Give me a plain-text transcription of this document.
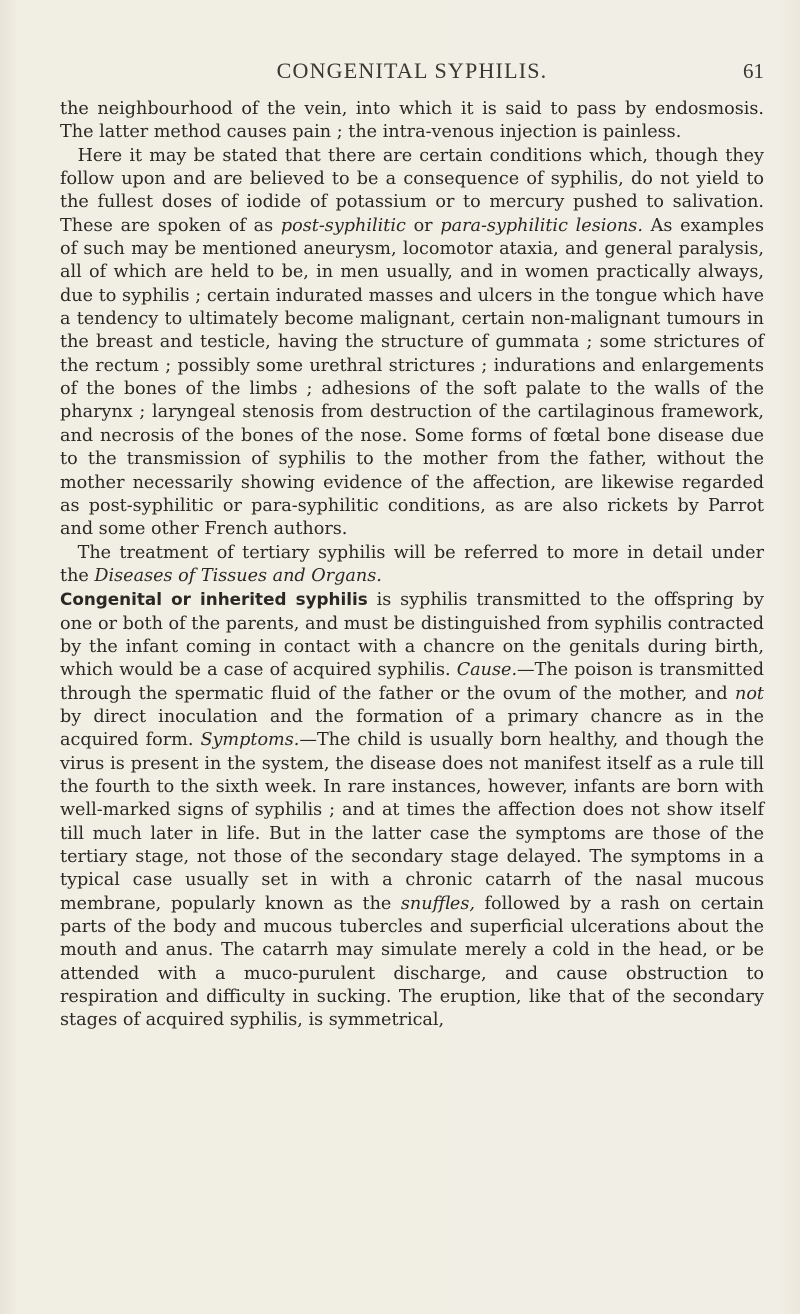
CONGENITAL SYPHILIS.	61

the neighbourhood of the vein, into which it is said to pass by endosmosis. The latter method causes pain ; the intra-venous injection is painless.

 Here it may be stated that there are certain conditions which, though they follow upon and are believed to be a consequence of syphilis, do not yield to the fullest doses of iodide of potassium or to mercury pushed to salivation. These are spoken of as post-syphilitic or para-syphilitic lesions. As examples of such may be mentioned aneurysm, locomotor ataxia, and general paralysis, all of which are held to be, in men usually, and in women practically always, due to syphilis ; certain indurated masses and ulcers in the tongue which have a tendency to ultimately become malignant, certain non-malignant tumours in the breast and testicle, having the structure of gummata ; some strictures of the rectum ; possibly some urethral strictures ; indurations and enlargements of the bones of the limbs ; adhesions of the soft palate to the walls of the pharynx ; laryngeal stenosis from destruction of the cartilaginous framework, and necrosis of the bones of the nose. Some forms of fœtal bone disease due to the transmission of syphilis to the mother from the father, without the mother necessarily showing evidence of the affection, are likewise regarded as post-syphilitic or para-syphilitic conditions, as are also rickets by Parrot and some other French authors.

 The treatment of tertiary syphilis will be referred to more in detail under the Diseases of Tissues and Organs.

Congenital or inherited syphilis is syphilis transmitted to the offspring by one or both of the parents, and must be distinguished from syphilis contracted by the infant coming in contact with a chancre on the genitals during birth, which would be a case of acquired syphilis. Cause.—The poison is transmitted through the spermatic fluid of the father or the ovum of the mother, and not by direct inoculation and the formation of a primary chancre as in the acquired form. Symptoms.—The child is usually born healthy, and though the virus is present in the system, the disease does not manifest itself as a rule till the fourth to the sixth week. In rare instances, however, infants are born with well-marked signs of syphilis ; and at times the affection does not show itself till much later in life. But in the latter case the symptoms are those of the tertiary stage, not those of the secondary stage delayed. The symptoms in a typical case usually set in with a chronic catarrh of the nasal mucous membrane, popularly known as the snuffles, followed by a rash on certain parts of the body and mucous tubercles and superficial ulcerations about the mouth and anus. The catarrh may simulate merely a cold in the head, or be attended with a muco-purulent discharge, and cause obstruction to respiration and difficulty in sucking. The eruption, like that of the secondary stages of acquired syphilis, is symmetrical,
